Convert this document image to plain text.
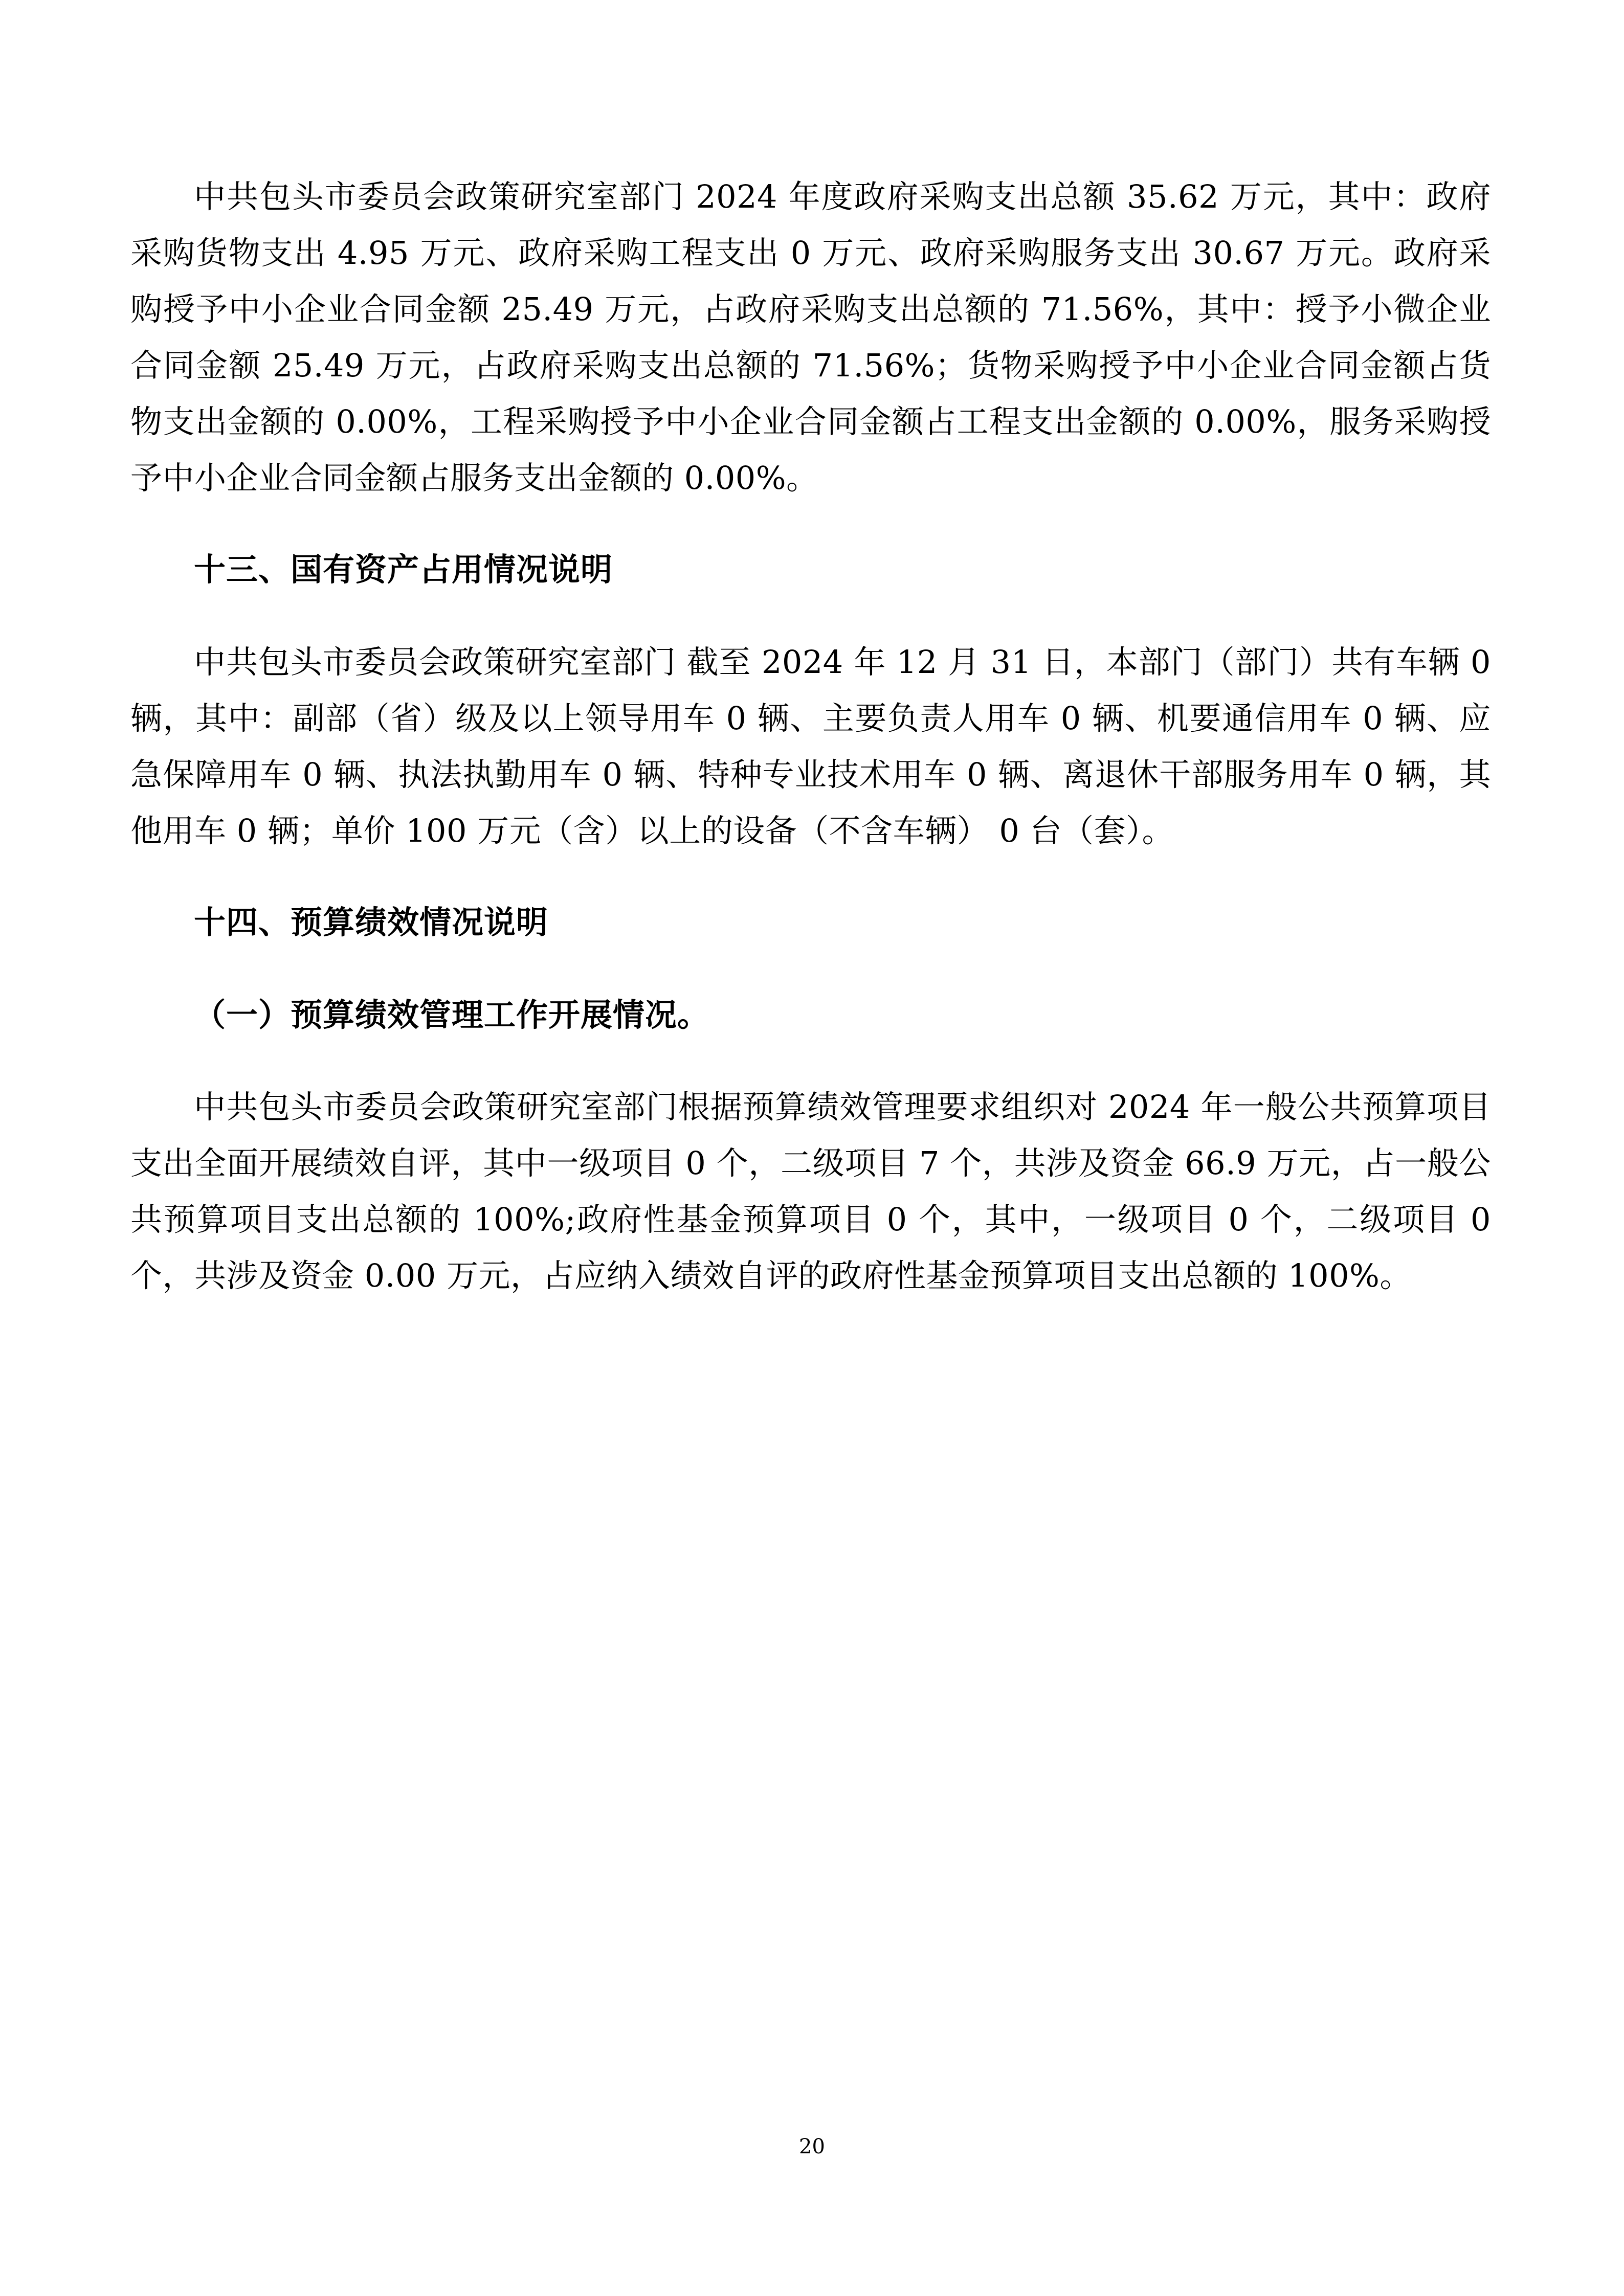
中共包头市委员会政策研究室部门 2024 年度政府采购支出总额 35.62 万元，其中：政府采购货物支出 4.95 万元、政府采购工程支出 0 万元、政府采购服务支出 30.67 万元。政府采购授予中小企业合同金额 25.49 万元，占政府采购支出总额的 71.56%，其中：授予小微企业合同金额 25.49 万元，占政府采购支出总额的 71.56%；货物采购授予中小企业合同金额占货物支出金额的 0.00%，工程采购授予中小企业合同金额占工程支出金额的 0.00%，服务采购授予中小企业合同金额占服务支出金额的 0.00%。

十三、国有资产占用情况说明

中共包头市委员会政策研究室部门 截至 2024 年 12 月 31 日，本部门（部门）共有车辆 0 辆，其中：副部（省）级及以上领导用车 0 辆、主要负责人用车 0 辆、机要通信用车 0 辆、应急保障用车 0 辆、执法执勤用车 0 辆、特种专业技术用车 0 辆、离退休干部服务用车 0 辆，其他用车 0 辆；单价 100 万元（含）以上的设备（不含车辆） 0 台（套）。

十四、预算绩效情况说明
（一）预算绩效管理工作开展情况。

中共包头市委员会政策研究室部门根据预算绩效管理要求组织对 2024 年一般公共预算项目支出全面开展绩效自评，其中一级项目 0 个，二级项目 7 个，共涉及资金 66.9 万元，占一般公共预算项目支出总额的 100%;政府性基金预算项目 0 个，其中，一级项目 0 个，二级项目 0 个，共涉及资金 0.00 万元，占应纳入绩效自评的政府性基金预算项目支出总额的 100%。

20
